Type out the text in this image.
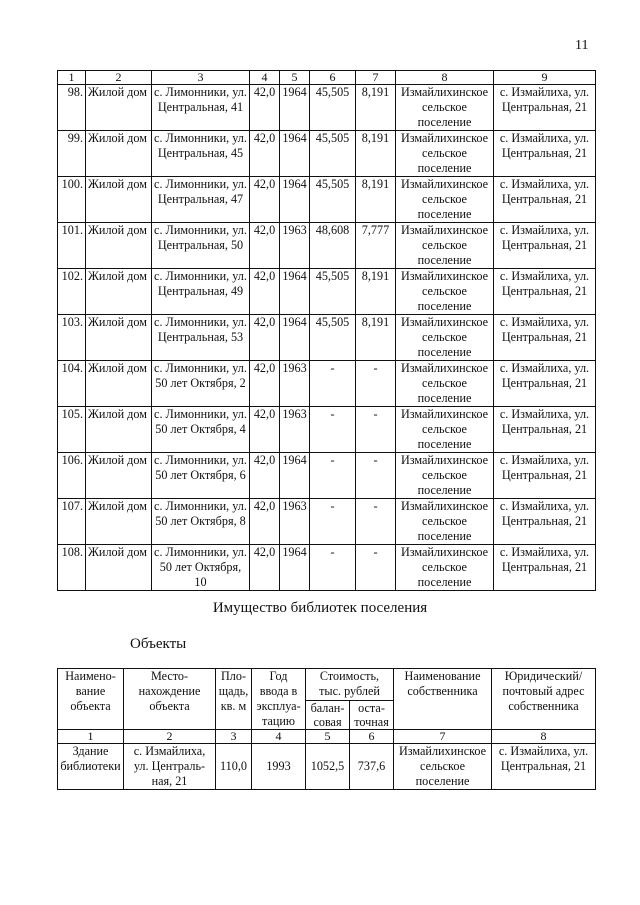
11
1	2	3	4	5	6	7	8	9
98.	Жилой дом	с. Лимонники, ул. Центральная, 41	42,0	1964	45,505	8,191	Измайлихинское сельское поселение	с. Измайлиха, ул. Центральная, 21
99.	Жилой дом	с. Лимонники, ул. Центральная, 45	42,0	1964	45,505	8,191	Измайлихинское сельское поселение	с. Измайлиха, ул. Центральная, 21
100.	Жилой дом	с. Лимонники, ул. Центральная, 47	42,0	1964	45,505	8,191	Измайлихинское сельское поселение	с. Измайлиха, ул. Центральная, 21
101.	Жилой дом	с. Лимонники, ул. Центральная, 50	42,0	1963	48,608	7,777	Измайлихинское сельское поселение	с. Измайлиха, ул. Центральная, 21
102.	Жилой дом	с. Лимонники, ул. Центральная, 49	42,0	1964	45,505	8,191	Измайлихинское сельское поселение	с. Измайлиха, ул. Центральная, 21
103.	Жилой дом	с. Лимонники, ул. Центральная, 53	42,0	1964	45,505	8,191	Измайлихинское сельское поселение	с. Измайлиха, ул. Центральная, 21
104.	Жилой дом	с. Лимонники, ул. 50 лет Октября, 2	42,0	1963	-	-	Измайлихинское сельское поселение	с. Измайлиха, ул. Центральная, 21
105.	Жилой дом	с. Лимонники, ул. 50 лет Октября, 4	42,0	1963	-	-	Измайлихинское сельское поселение	с. Измайлиха, ул. Центральная, 21
106.	Жилой дом	с. Лимонники, ул. 50 лет Октября, 6	42,0	1964	-	-	Измайлихинское сельское поселение	с. Измайлиха, ул. Центральная, 21
107.	Жилой дом	с. Лимонники, ул. 50 лет Октября, 8	42,0	1963	-	-	Измайлихинское сельское поселение	с. Измайлиха, ул. Центральная, 21
108.	Жилой дом	с. Лимонники, ул. 50 лет Октября, 10	42,0	1964	-	-	Измайлихинское сельское поселение	с. Измайлиха, ул. Центральная, 21
Имущество библиотек поселения
Объекты
Наимено- вание объекта	Место- нахождение объекта	Пло- щадь, кв. м	Год ввода в эксплуа- тацию	Стоимость, тыс. рублей		Наименование собственника	Юридический/ почтовый адрес собственника
				балан- совая	оста- точная		
1	2	3	4	5	6	7	8
Здание библиотеки	с. Измайлиха, ул. Централь- ная, 21	110,0	1993	1052,5	737,6	Измайлихинское сельское поселение	с. Измайлиха, ул. Центральная, 21
